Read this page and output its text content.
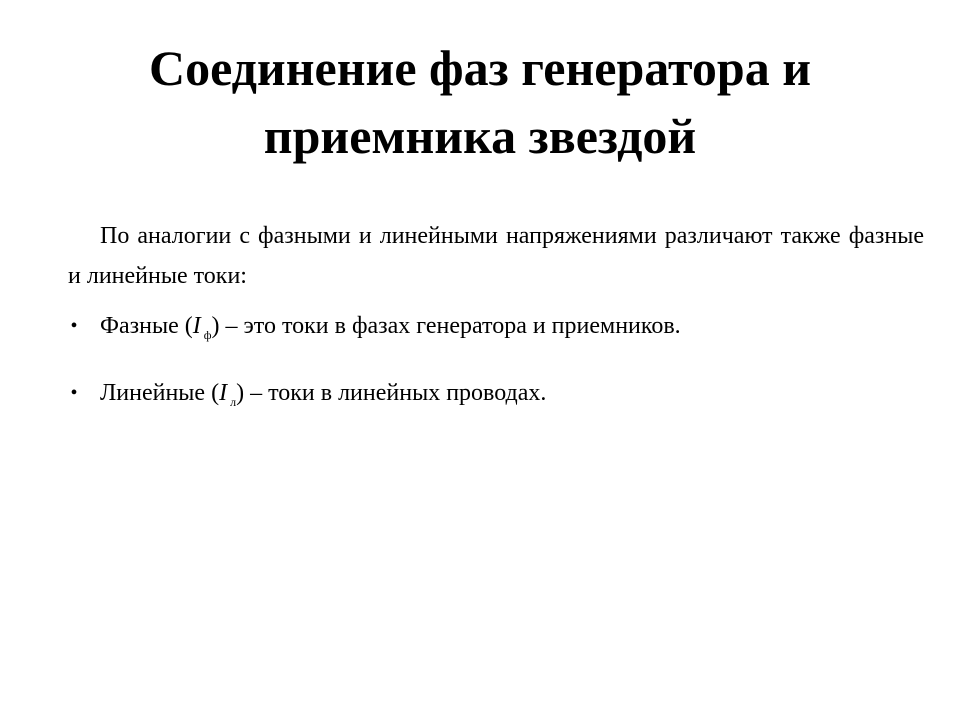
Соединение фаз генератора и приемника звездой

По аналогии с фазными и линейными напряжениями различают также фазные и линейные токи:

• Фазные (I $_ф$) – это токи в фазах генератора и приемников.
• Линейные (I $_л$) – токи в линейных проводах.
